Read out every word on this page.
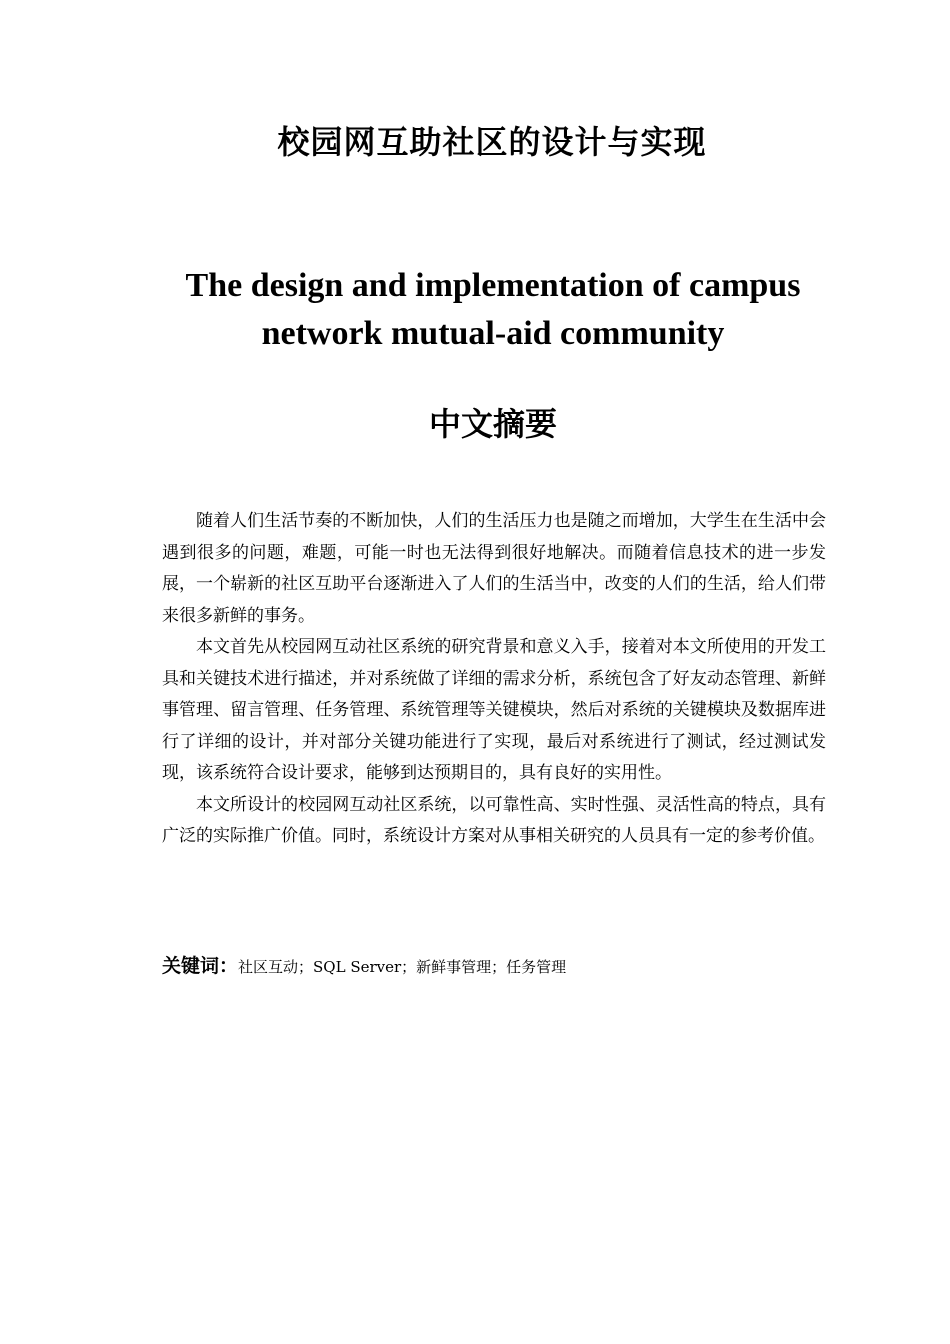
校园网互助社区的设计与实现
The design and implementation of campus network mutual-aid community
中文摘要

随着人们生活节奏的不断加快，人们的生活压力也是随之而增加，大学生在生活中会遇到很多的问题，难题，可能一时也无法得到很好地解决。而随着信息技术的进一步发展，一个崭新的社区互助平台逐渐进入了人们的生活当中，改变的人们的生活，给人们带来很多新鲜的事务。

本文首先从校园网互动社区系统的研究背景和意义入手，接着对本文所使用的开发工具和关键技术进行描述，并对系统做了详细的需求分析，系统包含了好友动态管理、新鲜事管理、留言管理、任务管理、系统管理等关键模块，然后对系统的关键模块及数据库进行了详细的设计，并对部分关键功能进行了实现，最后对系统进行了测试，经过测试发现，该系统符合设计要求，能够到达预期目的，具有良好的实用性。

本文所设计的校园网互动社区系统，以可靠性高、实时性强、灵活性高的特点，具有广泛的实际推广价值。同时，系统设计方案对从事相关研究的人员具有一定的参考价值。

关键词：社区互动；SQL Server；新鲜事管理；任务管理
